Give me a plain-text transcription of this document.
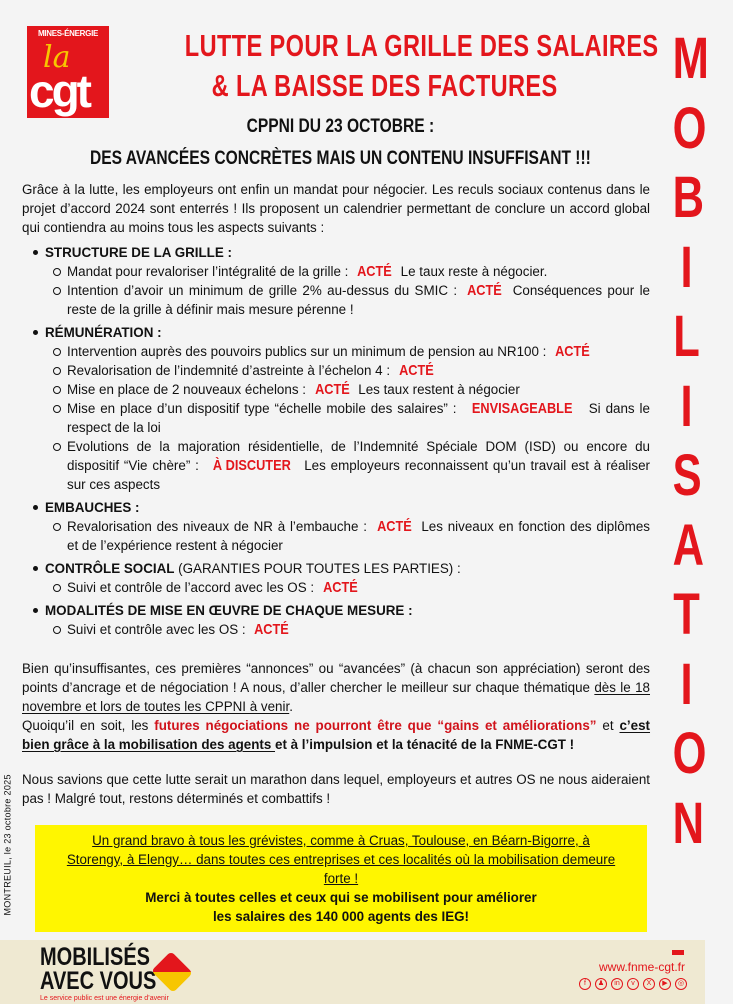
MINES-ÉNERGIE
la
cgt
LUTTE POUR LA GRILLE DES SALAIRES
& LA BAISSE DES FACTURES
CPPNI DU 23 OCTOBRE :
DES AVANCÉES CONCRÈTES MAIS UN CONTENU INSUFFISANT !!!

Grâce à la lutte, les employeurs ont enfin un mandat pour négocier. Les reculs sociaux contenus dans le projet d’accord 2024 sont enterrés ! Ils proposent un calendrier permettant de conclure un accord global qui contiendra au moins tous les aspects suivants :

STRUCTURE DE LA GRILLE :
Mandat pour revaloriser l’intégralité de la grille : ACTÉ Le taux reste à négocier.
Intention d’avoir un minimum de grille 2% au-dessus du SMIC : ACTÉ Conséquences pour le reste de la grille à définir mais mesure pérenne !
RÉMUNÉRATION :
Intervention auprès des pouvoirs publics sur un minimum de pension au NR100 : ACTÉ
Revalorisation de l’indemnité d’astreinte à l’échelon 4 : ACTÉ
Mise en place de 2 nouveaux échelons : ACTÉ Les taux restent à négocier
Mise en place d’un dispositif type “échelle mobile des salaires” : ENVISAGEABLE Si dans le respect de la loi
Evolutions de la majoration résidentielle, de l’Indemnité Spéciale DOM (ISD) ou encore du dispositif “Vie chère” : À DISCUTER Les employeurs reconnaissent qu’un travail est à réaliser sur ces aspects
EMBAUCHES :
Revalorisation des niveaux de NR à l’embauche : ACTÉ Les niveaux en fonction des diplômes et de l’expérience restent à négocier
CONTRÔLE SOCIAL (GARANTIES POUR TOUTES LES PARTIES) :
Suivi et contrôle de l’accord avec les OS : ACTÉ
MODALITÉS DE MISE EN ŒUVRE DE CHAQUE MESURE :
Suivi et contrôle avec les OS : ACTÉ

Bien qu’insuffisantes, ces premières “annonces” ou “avancées” (à chacun son appréciation) seront des points d’ancrage et de négociation ! A nous, d’aller chercher le meilleur sur chaque thématique dès le 18 novembre et lors de toutes les CPPNI à venir.

Quoiqu’il en soit, les futures négociations ne pourront être que “gains et améliorations” et c’est bien grâce à la mobilisation des agents et à l’impulsion et la ténacité de la FNME-CGT !

Nous savions que cette lutte serait un marathon dans lequel, employeurs et autres OS ne nous aideraient pas ! Malgré tout, restons déterminés et combattifs !

Un grand bravo à tous les grévistes, comme à Cruas, Toulouse, en Béarn-Bigorre, à Storengy, à Elengy… dans toutes ces entreprises et ces localités où la mobilisation demeure forte !
Merci à toutes celles et ceux qui se mobilisent pour améliorer
les salaires des 140 000 agents des IEG!
M
O
B
I
L
I
S
A
T
I
O
N
MONTREUIL, le 23 octobre 2025
MOBILISÉS
AVEC VOUS
Le service public est une énergie d’avenir
www.fnme-cgt.fr
f	♟	in	v	X	▶	◎
